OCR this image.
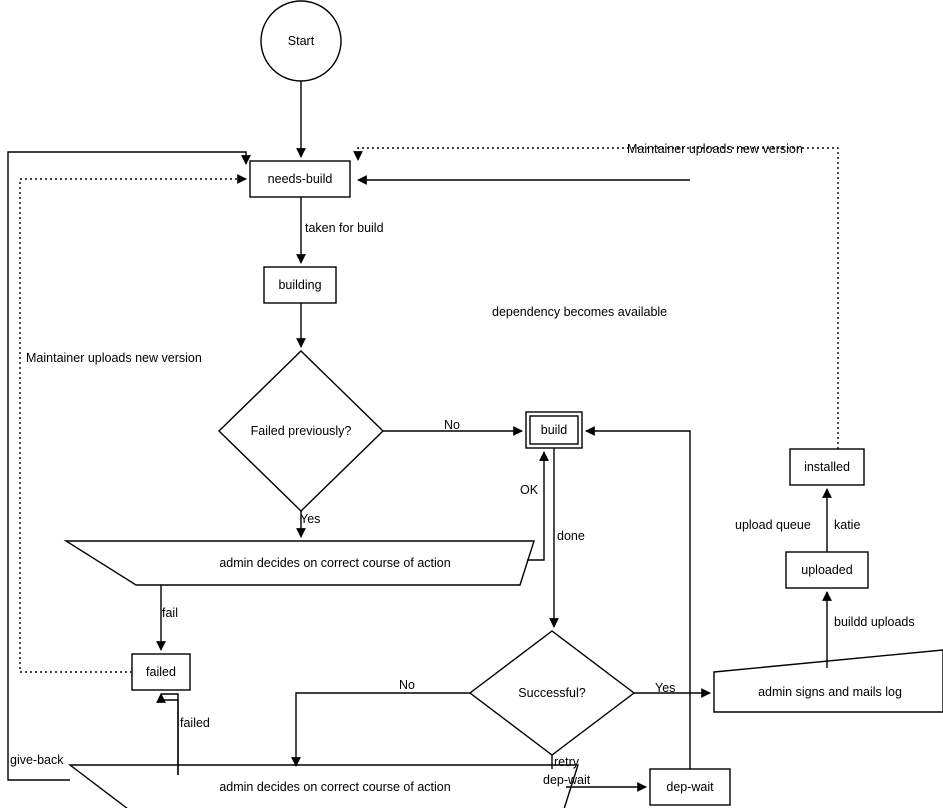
Start
needs-build
building
Failed previously?
admin decides on correct course of action
failed
build
Successful?
admin decides on correct course of action	dep-wait
admin signs and mails log
uploaded
installed
taken for build
No
Yes
fail
OK
done
failed
No	Yes
retry
dep-wait
give-back
Maintainer uploads new version
Maintainer uploads new version
dependency becomes available
upload queue katie
buildd uploads
